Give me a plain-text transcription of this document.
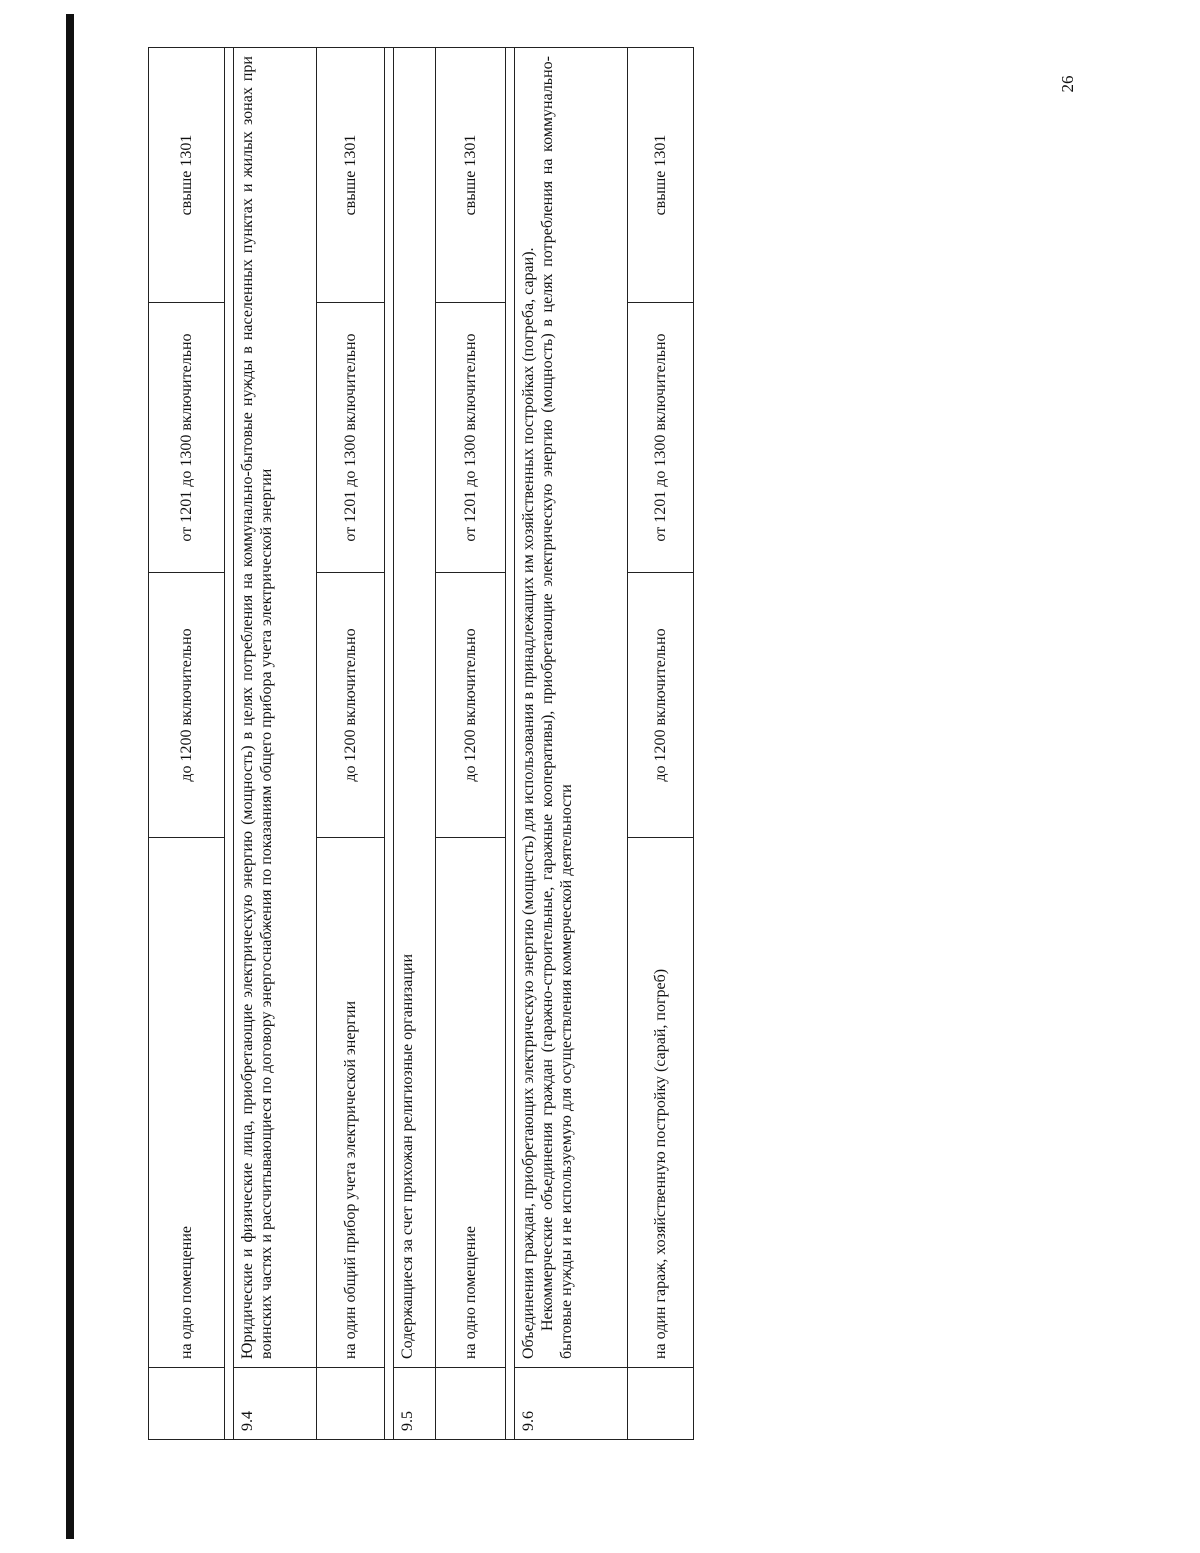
26
	на одно помещение	до 1200 включительно	от 1201 до 1300 включительно	свыше 1301

9.4	Юридические и физические лица, приобретающие электрическую энергию (мощность) в целях потребления на коммунально-бытовые нужды в населенных пунктах и жилых зонах при воинских частях и рассчитывающиеся по договору энергоснабжения по показаниям общего прибора учета электрической энергии			
	на один общий прибор учета электрической энергии	до 1200 включительно	от 1201 до 1300 включительно	свыше 1301

9.5	Содержащиеся за счет прихожан религиозные организации			
	на одно помещение	до 1200 включительно	от 1201 до 1300 включительно	свыше 1301

9.6	Объединения граждан, приобретающих электрическую энергию (мощность) для использования в принадлежащих им хозяйственных постройках (погреба, сараи). Некоммерческие объединения граждан (гаражно-строительные, гаражные кооперативы), приобретающие электрическую энергию (мощность) в целях потребления на коммунально-бытовые нужды и не используемую для осуществления коммерческой деятельности			

	на один гараж, хозяйственную постройку (сарай, погреб)	до 1200 включительно	от 1201 до 1300 включительно	свыше 1301
